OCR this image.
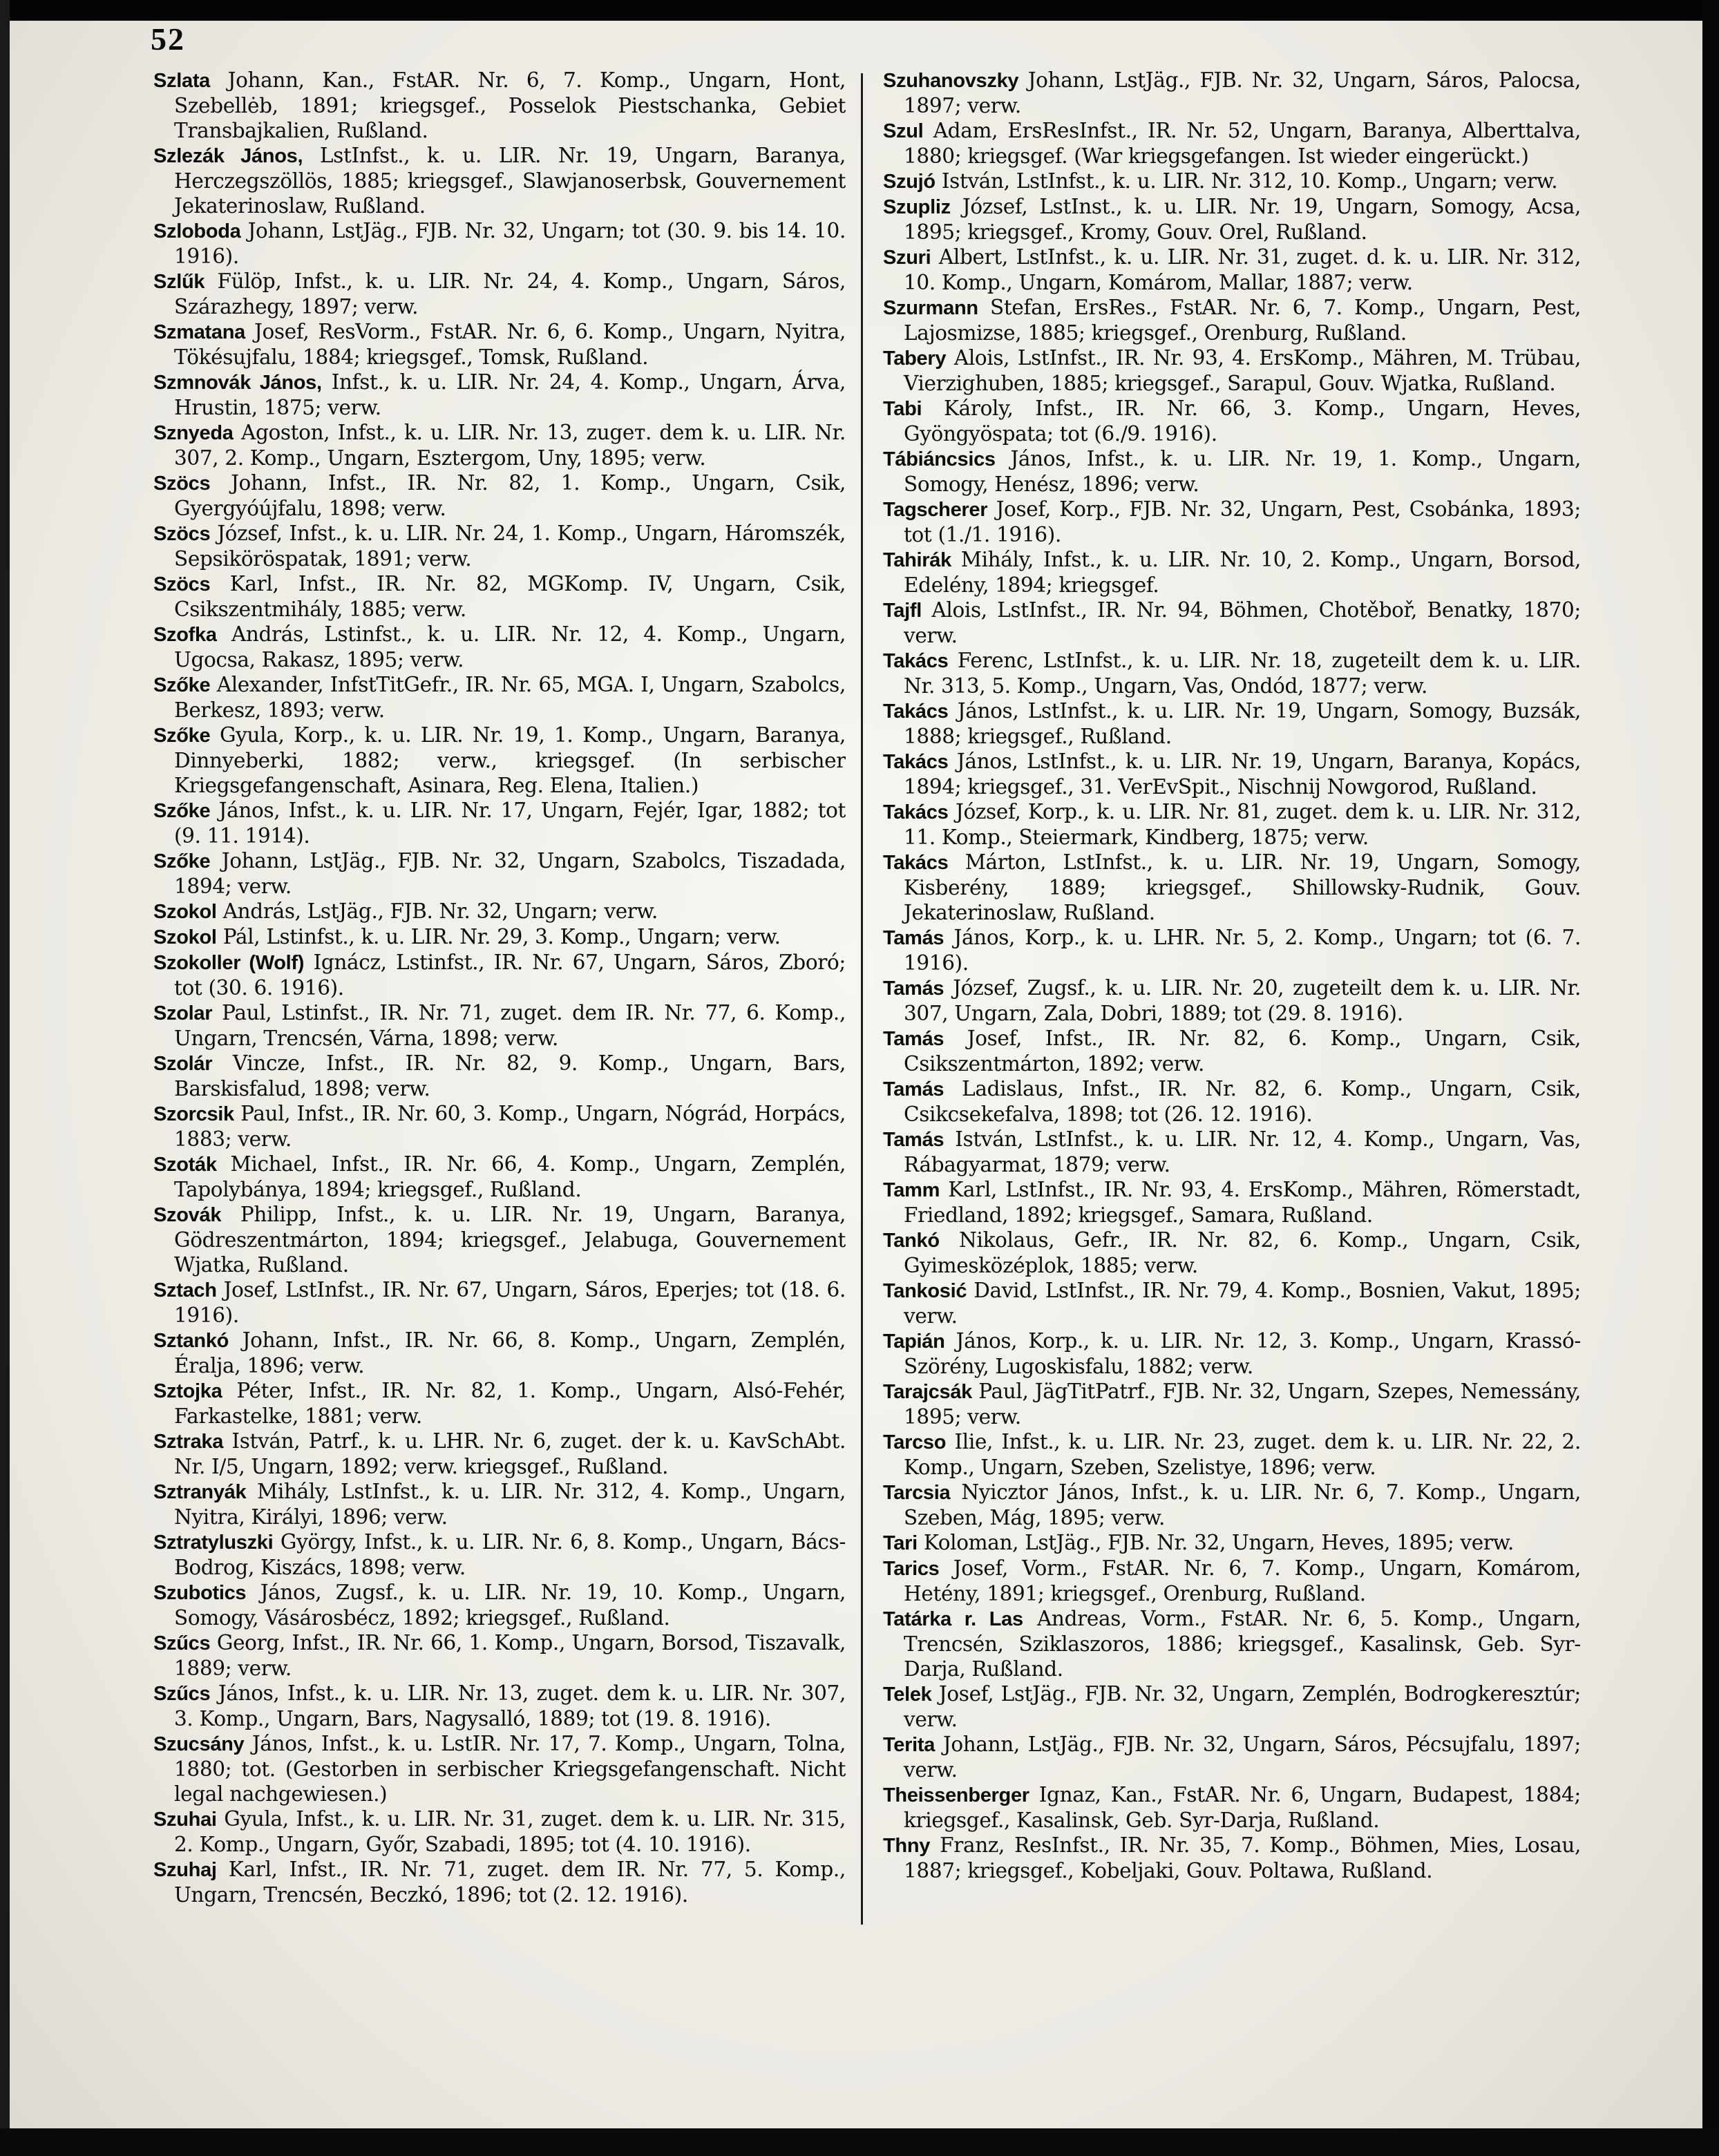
52

Szlata Johann, Kan., FstAR. Nr. 6, 7. Komp., Ungarn, Hont, Szebellėb, 1891; kriegsgef., Posselok Piestschanka, Gebiet Transbajkalien, Rußland.

Szlezák János, LstInfst., k. u. LIR. Nr. 19, Ungarn, Baranya, Herczegszöllös, 1885; kriegsgef., Slawjanoserbsk, Gouvernement Jekaterinoslaw, Rußland.

Szloboda Johann, LstJäg., FJB. Nr. 32, Ungarn; tot (30. 9. bis 14. 10. 1916).

Szlűk Fülöp, Infst., k. u. LIR. Nr. 24, 4. Komp., Ungarn, Sáros, Szárazhegy, 1897; verw.

Szmatana Josef, ResVorm., FstAR. Nr. 6, 6. Komp., Ungarn, Nyitra, Tökésujfalu, 1884; kriegsgef., Tomsk, Rußland.

Szmnovák János, Infst., k. u. LIR. Nr. 24, 4. Komp., Ungarn, Árva, Hrustin, 1875; verw.

Sznyeda Agoston, Infst., k. u. LIR. Nr. 13, zugет. dem k. u. LIR. Nr. 307, 2. Komp., Ungarn, Esztergom, Uny, 1895; verw.

Szöcs Johann, Infst., IR. Nr. 82, 1. Komp., Ungarn, Csik, Gyergyóújfalu, 1898; verw.

Szöcs József, Infst., k. u. LIR. Nr. 24, 1. Komp., Ungarn, Háromszék, Sepsikörösрatak, 1891; verw.

Szöcs Karl, Infst., IR. Nr. 82, MGKomp. IV, Ungarn, Csik, Csikszentmihály, 1885; verw.

Szofka András, Lstinfst., k. u. LIR. Nr. 12, 4. Komp., Ungarn, Ugocsa, Rakasz, 1895; verw.

Szőke Alexander, InfstTitGefr., IR. Nr. 65, MGA. I, Ungarn, Szabolcs, Berkesz, 1893; verw.

Szőke Gyula, Korp., k. u. LIR. Nr. 19, 1. Komp., Ungarn, Baranya, Dinnyeberki, 1882; verw., kriegsgef. (In serbischer Kriegsgefangenschaft, Asinara, Reg. Elena, Italien.)

Szőke János, Infst., k. u. LIR. Nr. 17, Ungarn, Fejér, Igar, 1882; tot (9. 11. 1914).

Szőke Johann, LstJäg., FJB. Nr. 32, Ungarn, Szabolcs, Tiszadada, 1894; verw.

Szokol András, LstJäg., FJB. Nr. 32, Ungarn; verw.

Szokol Pál, Lstinfst., k. u. LIR. Nr. 29, 3. Komp., Ungarn; verw.

Szokoller (Wolf) Ignácz, Lstinfst., IR. Nr. 67, Ungarn, Sáros, Zboró; tot (30. 6. 1916).

Szolar Paul, Lstinfst., IR. Nr. 71, zuget. dem IR. Nr. 77, 6. Komp., Ungarn, Trencsén, Várna, 1898; verw.

Szolár Vincze, Infst., IR. Nr. 82, 9. Komp., Ungarn, Bars, Barskisfalud, 1898; verw.

Szorcsik Paul, Infst., IR. Nr. 60, 3. Komp., Ungarn, Nógrád, Horpács, 1883; verw.

Szoták Michael, Infst., IR. Nr. 66, 4. Komp., Ungarn, Zemplén, Tapolybánya, 1894; kriegsgef., Rußland.

Szovák Philipp, Infst., k. u. LIR. Nr. 19, Ungarn, Baranya, Gödreszentmárton, 1894; kriegsgef., Jelabuga, Gouvernement Wjatka, Rußland.

Sztach Josef, LstInfst., IR. Nr. 67, Ungarn, Sáros, Eperjes; tot (18. 6. 1916).

Sztankó Johann, Infst., IR. Nr. 66, 8. Komp., Ungarn, Zemplén, Éralja, 1896; verw.

Sztojka Péter, Infst., IR. Nr. 82, 1. Komp., Ungarn, Alsó-Fehér, Farkastelke, 1881; verw.

Sztraka István, Patrf., k. u. LHR. Nr. 6, zuget. der k. u. KavSchAbt. Nr. I/5, Ungarn, 1892; verw. kriegsgef., Rußland.

Sztranyák Mihály, LstInfst., k. u. LIR. Nr. 312, 4. Komp., Ungarn, Nyitra, Királyi, 1896; verw.

Sztratyluszki György, Infst., k. u. LIR. Nr. 6, 8. Komp., Ungarn, Bács-Bodrog, Kiszács, 1898; verw.

Szubotics János, Zugsf., k. u. LIR. Nr. 19, 10. Komp., Ungarn, Somogy, Vásárosbécz, 1892; kriegsgef., Rußland.

Szűcs Georg, Infst., IR. Nr. 66, 1. Komp., Ungarn, Borsod, Tiszavalk, 1889; verw.

Szűcs János, Infst., k. u. LIR. Nr. 13, zuget. dem k. u. LIR. Nr. 307, 3. Komp., Ungarn, Bars, Nagysalló, 1889; tot (19. 8. 1916).

Szucsány János, Infst., k. u. LstIR. Nr. 17, 7. Komp., Ungarn, Tolna, 1880; tot. (Gestorben in serbischer Kriegsgefangenschaft. Nicht legal nachgewiesen.)

Szuhai Gyula, Infst., k. u. LIR. Nr. 31, zuget. dem k. u. LIR. Nr. 315, 2. Komp., Ungarn, Győr, Szabadi, 1895; tot (4. 10. 1916).

Szuhaj Karl, Infst., IR. Nr. 71, zuget. dem IR. Nr. 77, 5. Komp., Ungarn, Trencsén, Beczkó, 1896; tot (2. 12. 1916).

Szuhanovszky Johann, LstJäg., FJB. Nr. 32, Ungarn, Sáros, Palocsa, 1897; verw.

Szul Adam, ErsResInfst., IR. Nr. 52, Ungarn, Baranya, Alberttalva, 1880; kriegsgef. (War kriegsgefangen. Ist wieder eingerückt.)

Szujó István, LstInfst., k. u. LIR. Nr. 312, 10. Komp., Ungarn; verw.

Szupliz József, LstInst., k. u. LIR. Nr. 19, Ungarn, Somogy, Acsa, 1895; kriegsgef., Kromy, Gouv. Orel, Rußland.

Szuri Albert, LstInfst., k. u. LIR. Nr. 31, zuget. d. k. u. LIR. Nr. 312, 10. Komp., Ungarn, Komárom, Mallar, 1887; verw.

Szurmann Stefan, ErsRes., FstAR. Nr. 6, 7. Komp., Ungarn, Pest, Lajosmizse, 1885; kriegsgef., Orenburg, Rußland.

Tabery Alois, LstInfst., IR. Nr. 93, 4. ErsKomp., Mähren, M. Trübau, Vierzighuben, 1885; kriegsgef., Sarapul, Gouv. Wjatka, Rußland.

Tabi Károly, Infst., IR. Nr. 66, 3. Komp., Ungarn, Heves, Gyöngyöspata; tot (6./9. 1916).

Tábiáncsics János, Infst., k. u. LIR. Nr. 19, 1. Komp., Ungarn, Somogy, Henész, 1896; verw.

Tagscherer Josef, Korp., FJB. Nr. 32, Ungarn, Pest, Csobánka, 1893; tot (1./1. 1916).

Tahirák Mihály, Infst., k. u. LIR. Nr. 10, 2. Komp., Ungarn, Borsod, Edelény, 1894; kriegsgef.

Tajfl Alois, LstInfst., IR. Nr. 94, Böhmen, Chotěboř, Benatky, 1870; verw.

Takács Ferenc, LstInfst., k. u. LIR. Nr. 18, zugeteilt dem k. u. LIR. Nr. 313, 5. Komp., Ungarn, Vas, Ondód, 1877; verw.

Takács János, LstInfst., k. u. LIR. Nr. 19, Ungarn, Somogy, Buzsák, 1888; kriegsgef., Rußland.

Takács János, LstInfst., k. u. LIR. Nr. 19, Ungarn, Baranya, Kopács, 1894; kriegsgef., 31. VerEvSpit., Nischnij Nowgorod, Rußland.

Takács József, Korp., k. u. LIR. Nr. 81, zuget. dem k. u. LIR. Nr. 312, 11. Komp., Steiermark, Kindberg, 1875; verw.

Takács Márton, LstInfst., k. u. LIR. Nr. 19, Ungarn, Somogy, Kisberény, 1889; kriegsgef., Shillowsky-Rudnik, Gouv. Jekaterinoslaw, Rußland.

Tamás János, Korp., k. u. LHR. Nr. 5, 2. Komp., Ungarn; tot (6. 7. 1916).

Tamás József, Zugsf., k. u. LIR. Nr. 20, zugeteilt dem k. u. LIR. Nr. 307, Ungarn, Zala, Dobri, 1889; tot (29. 8. 1916).

Tamás Josef, Infst., IR. Nr. 82, 6. Komp., Ungarn, Csik, Csikszentmárton, 1892; verw.

Tamás Ladislaus, Infst., IR. Nr. 82, 6. Komp., Ungarn, Csik, Csikcsekefalva, 1898; tot (26. 12. 1916).

Tamás István, LstInfst., k. u. LIR. Nr. 12, 4. Komp., Ungarn, Vas, Rábagyarmat, 1879; verw.

Tamm Karl, LstInfst., IR. Nr. 93, 4. ErsKomp., Mähren, Römerstadt, Friedland, 1892; kriegsgef., Samara, Rußland.

Tankó Nikolaus, Gefr., IR. Nr. 82, 6. Komp., Ungarn, Csik, Gyimesközéplok, 1885; verw.

Tankosić David, LstInfst., IR. Nr. 79, 4. Komp., Bosnien, Vakut, 1895; verw.

Tapián János, Korp., k. u. LIR. Nr. 12, 3. Komp., Ungarn, Krassó-Szörény, Lugoskisfalu, 1882; verw.

Tarajcsák Paul, JägTitPatrf., FJB. Nr. 32, Ungarn, Szepes, Nemessány, 1895; verw.

Tarcso Ilie, Infst., k. u. LIR. Nr. 23, zuget. dem k. u. LIR. Nr. 22, 2. Komp., Ungarn, Szeben, Szelistye, 1896; verw.

Tarcsia Nyicztor János, Infst., k. u. LIR. Nr. 6, 7. Komp., Ungarn, Szeben, Mág, 1895; verw.

Tari Koloman, LstJäg., FJB. Nr. 32, Ungarn, Heves, 1895; verw.

Tarics Josef, Vorm., FstAR. Nr. 6, 7. Komp., Ungarn, Komárom, Hetény, 1891; kriegsgef., Orenburg, Rußland.

Tatárka r. Las Andreas, Vorm., FstAR. Nr. 6, 5. Komp., Ungarn, Trencsén, Sziklaszoros, 1886; kriegsgef., Kasalinsk, Geb. Syr-Darja, Rußland.

Telek Josef, LstJäg., FJB. Nr. 32, Ungarn, Zemplén, Bodrogkeresztúr; verw.

Terita Johann, LstJäg., FJB. Nr. 32, Ungarn, Sáros, Pécsujfalu, 1897; verw.

Theissenberger Ignaz, Kan., FstAR. Nr. 6, Ungarn, Budapest, 1884; kriegsgef., Kasalinsk, Geb. Syr-Darja, Rußland.

Thny Franz, ResInfst., IR. Nr. 35, 7. Komp., Böhmen, Mies, Losau, 1887; kriegsgef., Kobeljaki, Gouv. Poltawa, Rußland.
